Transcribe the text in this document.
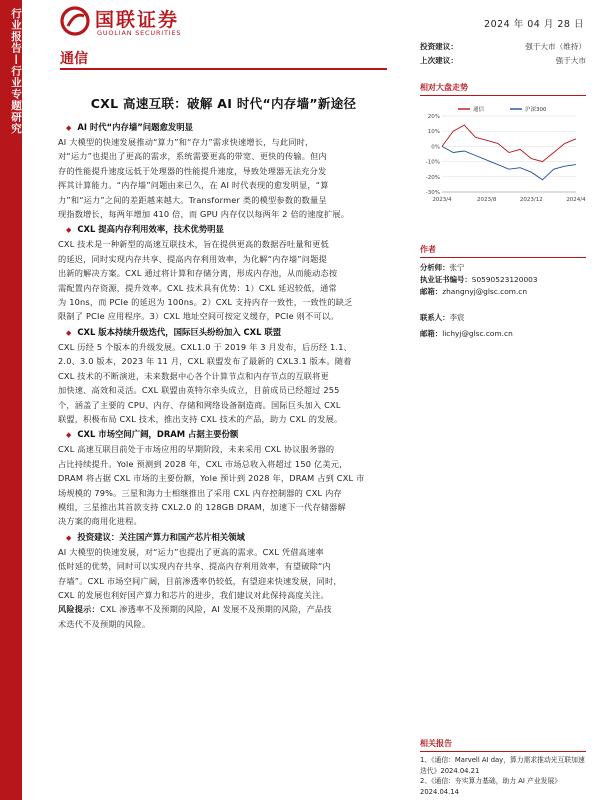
行业报告—行业专题研究	国联证券
GUOLIAN SECURITIES
2024 年 04 月 28 日
通信
CXL 高速互联：破解 AI 时代“内存墙”新途径
◆ AI 时代“内存墙”问题愈发明显

AI 大模型的快速发展推动“算力”和“存力”需求快速增长，与此同时，

对“运力”也提出了更高的需求，系统需要更高的带宽、更快的传输。但内

存的性能提升速度远低于处理器的性能提升速度，导致处理器无法充分发

挥其计算能力。“内存墙”问题由来已久，在 AI 时代表现的愈发明显，“算

力”和“运力”之间的差距越来越大。Transformer 类的模型参数的数量呈

现指数增长，每两年增加 410 倍，而 GPU 内存仅以每两年 2 倍的速度扩展。

◆ CXL 提高内存利用效率，技术优势明显

CXL 技术是一种新型的高速互联技术，旨在提供更高的数据吞吐量和更低

的延迟，同时实现内存共享、提高内存利用效率，为化解“内存墙”问题提

出新的解决方案。CXL 通过将计算和存储分离，形成内存池，从而能动态按

需配置内存资源，提升效率。CXL 技术具有优势：1）CXL 延迟较低，通常

为 10ns，而 PCIe 的延迟为 100ns。2）CXL 支持内存一致性，一致性的缺乏

限制了 PCIe 应用程序。3）CXL 地址空间可按定义缓存，PCIe 则不可以。

◆ CXL 版本持续升级迭代，国际巨头纷纷加入 CXL 联盟

CXL 历经 5 个版本的升级发展。CXL1.0 于 2019 年 3 月发布，后历经 1.1、

2.0、3.0 版本，2023 年 11 月，CXL 联盟发布了最新的 CXL3.1 版本。随着

CXL 技术的不断演进，未来数据中心各个计算节点和内存节点的互联将更

加快速、高效和灵活。CXL 联盟由英特尔牵头成立，目前成员已经超过 255

个，涵盖了主要的 CPU、内存、存储和网络设备制造商。国际巨头加入 CXL

联盟，积极布局 CXL 技术，推出支持 CXL 技术的产品，助力 CXL 的发展。

◆ CXL 市场空间广阔，DRAM 占据主要份额

CXL 高速互联目前处于市场应用的早期阶段，未来采用 CXL 协议服务器的

占比持续提升。Yole 预测到 2028 年，CXL 市场总收入将超过 150 亿美元，

DRAM 将占据 CXL 市场的主要份额，Yole 预计到 2028 年，DRAM 占到 CXL 市

场规模的 79%。三星和海力士相继推出了采用 CXL 内存控制器的 CXL 内存

模组，三星推出其首款支持 CXL2.0 的 128GB DRAM，加速下一代存储器解

决方案的商用化进程。

◆ 投资建议：关注国产算力和国产芯片相关领域

AI 大模型的快速发展，对“运力”也提出了更高的需求。CXL 凭借高速率

低时延的优势，同时可以实现内存共享、提高内存利用效率，有望破除“内

存墙”。CXL 市场空间广阔，目前渗透率仍较低，有望迎来快速发展，同时，

CXL 的发展也利好国产算力和芯片的进步，我们建议对此保持高度关注。

风险提示：CXL 渗透率不及预期的风险，AI 发展不及预期的风险，产品技

术迭代不及预期的风险。

投资建议：	强于大市（维持）
上次建议：	强于大市
相对大盘走势
20%
10%
0%
-10%
-20%
-30%
2023/4	2023/8	2023/12	2024/4
通信	沪深300
作者
分析师：张宁
执业证书编号：S0590523120003
邮箱：zhangnyj@glsc.com.cn
联系人：李宸
邮箱：lichyj@glsc.com.cn
相关报告
1、《通信：Marvell AI day，算力需求推动光互联加速迭代》2024.04.21
2、《通信：夯实算力基础，助力 AI 产业发展》2024.04.14
